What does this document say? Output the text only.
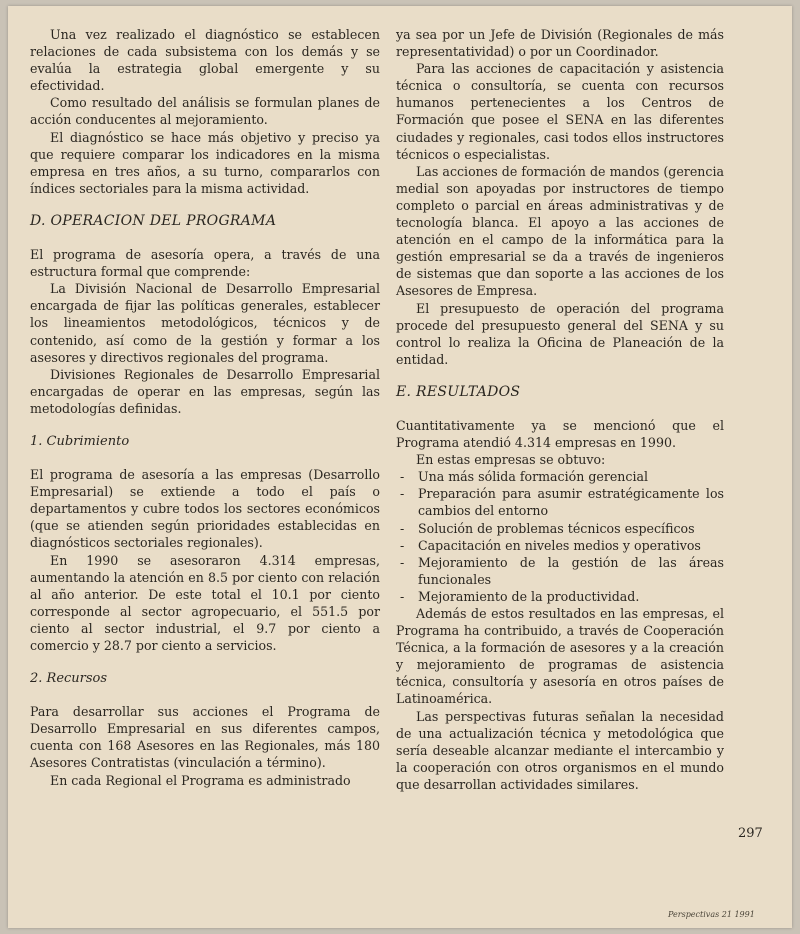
Una vez realizado el diagnóstico se establecen relaciones de cada subsistema con los demás y se evalúa la estrategia global emergente y su efectividad.

Como resultado del análisis se formulan planes de acción conducentes al mejoramiento.

El diagnóstico se hace más objetivo y preciso ya que requiere comparar los indicadores en la misma empresa en tres años, a su turno, compararlos con índices sectoriales para la misma actividad.

D. OPERACION DEL PROGRAMA

El programa de asesoría opera, a través de una estructura formal que comprende:

La División Nacional de Desarrollo Empresarial encargada de fijar las políticas generales, establecer los lineamientos metodológicos, técnicos y de contenido, así como de la gestión y formar a los asesores y directivos regionales del programa.

Divisiones Regionales de Desarrollo Empresarial encargadas de operar en las empresas, según las metodologías definidas.

1. Cubrimiento

El programa de asesoría a las empresas (Desarrollo Empresarial) se extiende a todo el país o departamentos y cubre todos los sectores económicos (que se atienden según prioridades establecidas en diagnósticos sectoriales regionales).

En 1990 se asesoraron 4.314 empresas, aumentando la atención en 8.5 por ciento con relación al año anterior. De este total el 10.1 por ciento corresponde al sector agropecuario, el 551.5 por ciento al sector industrial, el 9.7 por ciento a comercio y 28.7 por ciento a servicios.

2. Recursos

Para desarrollar sus acciones el Programa de Desarrollo Empresarial en sus diferentes campos, cuenta con 168 Asesores en las Regionales, más 180 Asesores Contratistas (vinculación a término).

En cada Regional el Programa es administrado

ya sea por un Jefe de División (Regionales de más representatividad) o por un Coordinador.

Para las acciones de capacitación y asistencia técnica o consultoría, se cuenta con recursos humanos pertenecientes a los Centros de Formación que posee el SENA en las diferentes ciudades y regionales, casi todos ellos instructores técnicos o especialistas.

Las acciones de formación de mandos (gerencia medial son apoyadas por instructores de tiempo completo o parcial en áreas administrativas y de tecnología blanca. El apoyo a las acciones de atención en el campo de la informática para la gestión empresarial se da a través de ingenieros de sistemas que dan soporte a las acciones de los Asesores de Empresa.

El presupuesto de operación del programa procede del presupuesto general del SENA y su control lo realiza la Oficina de Planeación de la entidad.

E. RESULTADOS

Cuantitativamente ya se mencionó que el Programa atendió 4.314 empresas en 1990.

En estas empresas se obtuvo:

- Una más sólida formación gerencial
- Preparación para asumir estratégicamente los cambios del entorno
- Solución de problemas técnicos específicos
- Capacitación en niveles medios y operativos
- Mejoramiento de la gestión de las áreas funcionales
- Mejoramiento de la productividad.

Además de estos resultados en las empresas, el Programa ha contribuido, a través de Cooperación Técnica, a la formación de asesores y a la creación y mejoramiento de programas de asistencia técnica, consultoría y asesoría en otros países de Latinoamérica.

Las perspectivas futuras señalan la necesidad de una actualización técnica y metodológica que sería deseable alcanzar mediante el intercambio y la cooperación con otros organismos en el mundo que desarrollan actividades similares.

297
Perspectivas 21 1991
